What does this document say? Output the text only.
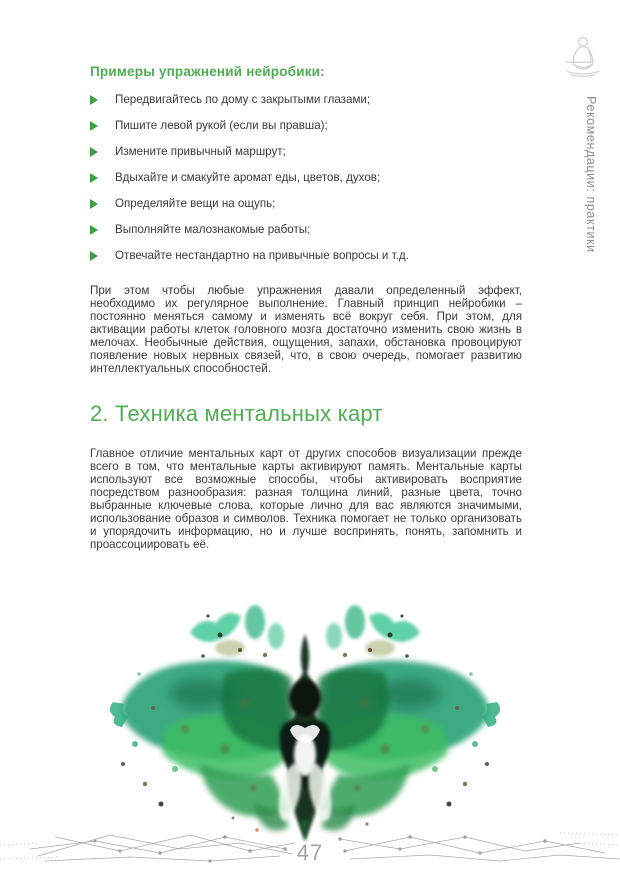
Рекомендации: практики
Примеры упражнений нейробики:
Передвигайтесь по дому с закрытыми глазами;
Пишите левой рукой (если вы правша);
Измените привычный маршрут;
Вдыхайте и смакуйте аромат еды, цветов, духов;
Определяйте вещи на ощупь;
Выполняйте малознакомые работы;
Отвечайте нестандартно на привычные вопросы и т.д.

При этом чтобы любые упражнения давали определенный эффект, необходимо их регулярное выполнение. Главный принцип нейробики – постоянно меняться самому и изменять всё вокруг себя. При этом, для активации работы клеток головного мозга достаточно изменить свою жизнь в мелочах. Необычные действия, ощущения, запахи, обстановка провоцируют появление новых нервных связей, что, в свою очередь, помогает развитию интеллектуальных способностей.

2. Техника ментальных карт

Главное отличие ментальных карт от других способов визуализации прежде всего в том, что ментальные карты активируют память. Ментальные карты используют все возможные способы, чтобы активировать восприятие посредством разнообразия: разная толщина линий, разные цвета, точно выбранные ключевые слова, которые лично для вас являются значимыми, использование образов и символов. Техника помогает не только организовать и упорядочить информацию, но и лучше воспринять, понять, запомнить и проассоциировать её.

47
